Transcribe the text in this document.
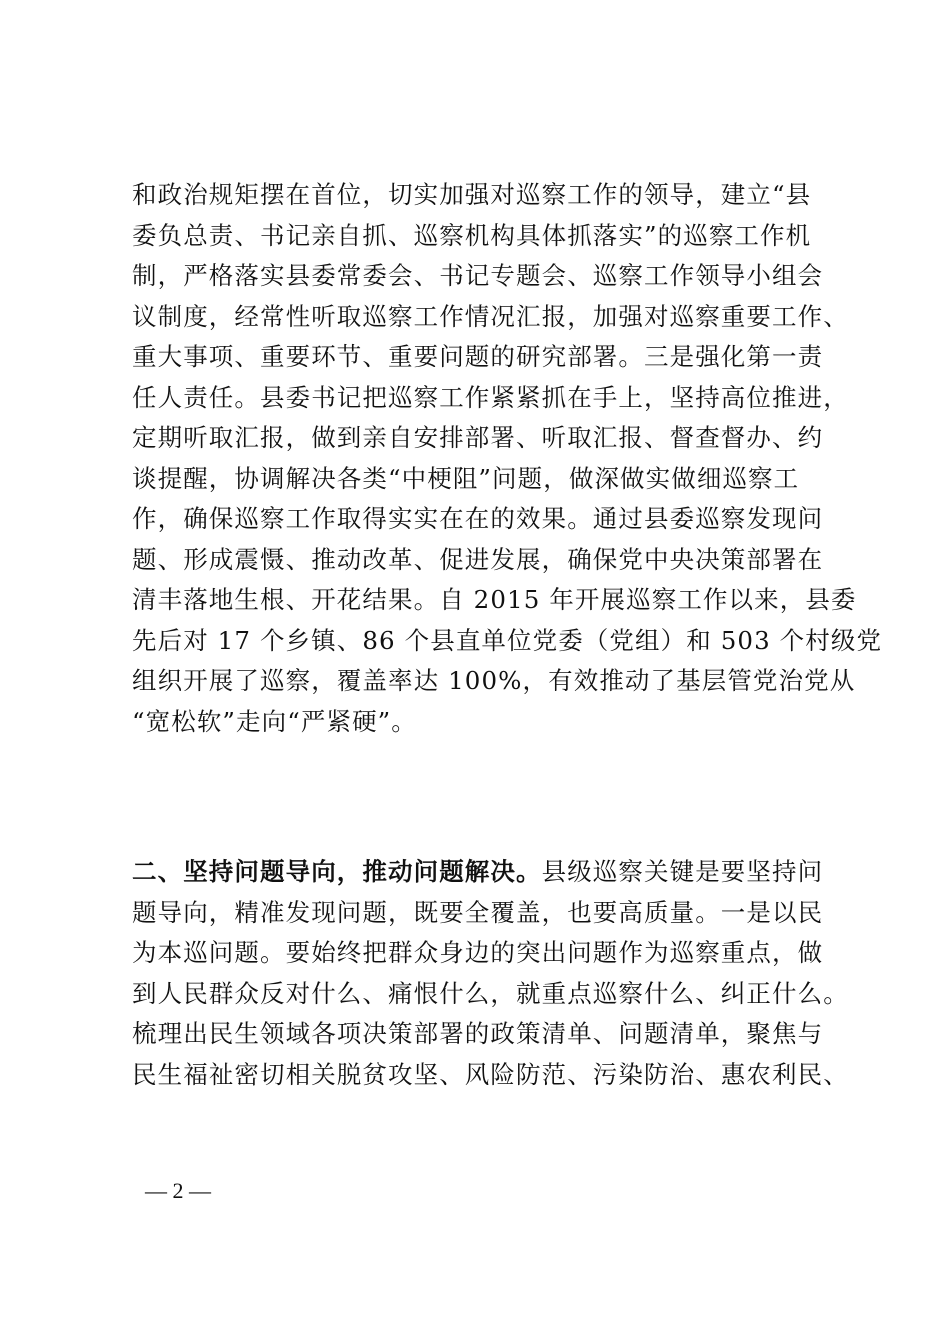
和政治规矩摆在首位，切实加强对巡察工作的领导，建立“县
委负总责、书记亲自抓、巡察机构具体抓落实”的巡察工作机
制，严格落实县委常委会、书记专题会、巡察工作领导小组会
议制度，经常性听取巡察工作情况汇报，加强对巡察重要工作、
重大事项、重要环节、重要问题的研究部署。三是强化第一责
任人责任。县委书记把巡察工作紧紧抓在手上，坚持高位推进，
定期听取汇报，做到亲自安排部署、听取汇报、督查督办、约
谈提醒，协调解决各类“中梗阻”问题，做深做实做细巡察工
作，确保巡察工作取得实实在在的效果。通过县委巡察发现问
题、形成震慑、推动改革、促进发展，确保党中央决策部署在
清丰落地生根、开花结果。自 2015 年开展巡察工作以来，县委
先后对 17 个乡镇、86 个县直单位党委（党组）和 503 个村级党
组织开展了巡察，覆盖率达 100%，有效推动了基层管党治党从
“宽松软”走向“严紧硬”。
二、坚持问题导向，推动问题解决。县级巡察关键是要坚持问
题导向，精准发现问题，既要全覆盖，也要高质量。一是以民
为本巡问题。要始终把群众身边的突出问题作为巡察重点，做
到人民群众反对什么、痛恨什么，就重点巡察什么、纠正什么。
梳理出民生领域各项决策部署的政策清单、问题清单，聚焦与
民生福祉密切相关脱贫攻坚、风险防范、污染防治、惠农利民、
— 2 —
